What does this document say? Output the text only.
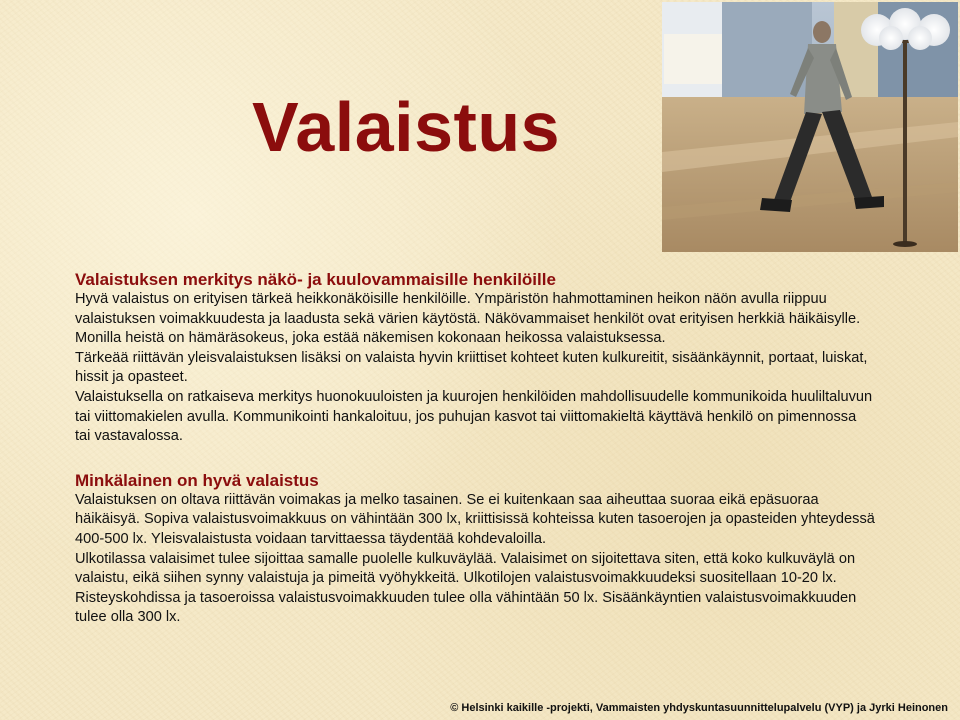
Valaistus
Valaistuksen merkitys näkö- ja kuulovammaisille henkilöille

Hyvä valaistus on erityisen tärkeä heikkonäköisille henkilöille. Ympäristön hahmottaminen heikon näön avulla riippuu valaistuksen voimakkuudesta ja laadusta sekä värien käytöstä. Näkövammaiset henkilöt ovat erityisen herkkiä häikäisylle. Monilla heistä on hämäräsokeus, joka estää näkemisen kokonaan heikossa valaistuksessa.

Tärkeää riittävän yleisvalaistuksen lisäksi on valaista hyvin kriittiset kohteet kuten kulkureitit, sisäänkäynnit, portaat, luiskat, hissit ja opasteet.

Valaistuksella on ratkaiseva merkitys huonokuuloisten ja kuurojen henkilöiden mahdollisuudelle kommunikoida huuliltaluvun tai viittomakielen avulla. Kommunikointi hankaloituu, jos puhujan kasvot tai viittomakieltä käyttävä henkilö on pimennossa tai vastavalossa.

Minkälainen on hyvä valaistus

Valaistuksen on oltava riittävän voimakas ja melko tasainen. Se ei kuitenkaan saa aiheuttaa suoraa eikä epäsuoraa häikäisyä. Sopiva valaistusvoimakkuus on vähintään 300 lx, kriittisissä kohteissa kuten tasoerojen ja opasteiden yhteydessä 400-500 lx. Yleisvalaistusta voidaan tarvittaessa täydentää kohdevaloilla.

Ulkotilassa valaisimet tulee sijoittaa samalle puolelle kulkuväylää. Valaisimet on sijoitettava siten, että koko kulkuväylä on valaistu, eikä siihen synny valaistuja ja pimeitä vyöhykkeitä. Ulkotilojen valaistusvoimakkuudeksi suositellaan 10-20 lx. Risteyskohdissa ja tasoeroissa valaistusvoimakkuuden tulee olla vähintään 50 lx. Sisäänkäyntien valaistusvoimakkuuden tulee olla 300 lx.

© Helsinki kaikille -projekti, Vammaisten yhdyskuntasuunnittelupalvelu (VYP) ja Jyrki Heinonen
